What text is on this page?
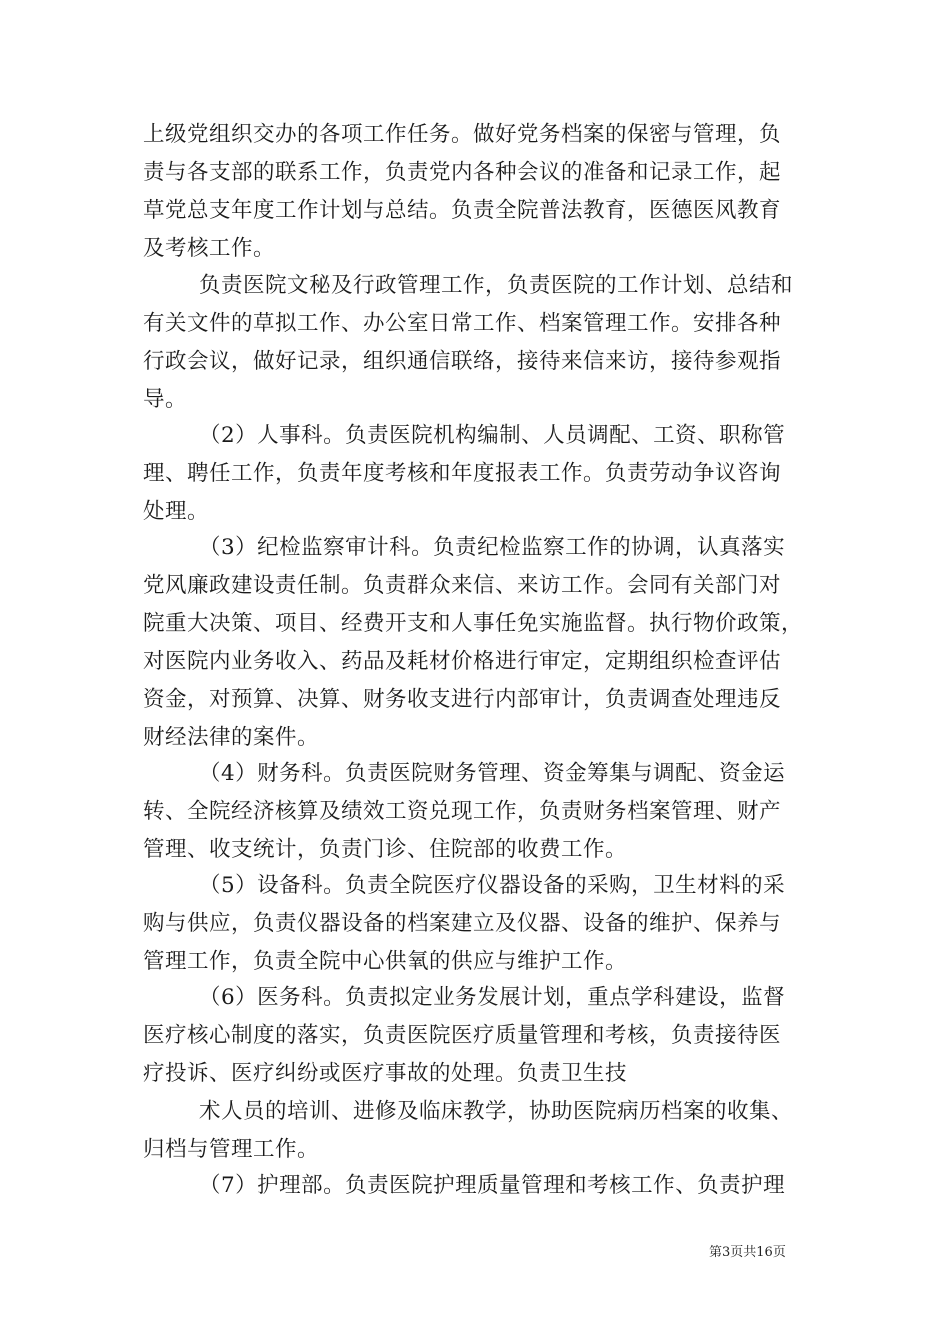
上级党组织交办的各项工作任务。做好党务档案的保密与管理，负
责与各支部的联系工作，负责党内各种会议的准备和记录工作，起
草党总支年度工作计划与总结。负责全院普法教育，医德医风教育
及考核工作。
负责医院文秘及行政管理工作，负责医院的工作计划、总结和
有关文件的草拟工作、办公室日常工作、档案管理工作。安排各种
行政会议，做好记录，组织通信联络，接待来信来访，接待参观指
导。
（2）人事科。负责医院机构编制、人员调配、工资、职称管
理、聘任工作，负责年度考核和年度报表工作。负责劳动争议咨询
处理。
（3）纪检监察审计科。负责纪检监察工作的协调，认真落实
党风廉政建设责任制。负责群众来信、来访工作。会同有关部门对
院重大决策、项目、经费开支和人事任免实施监督。执行物价政策，
对医院内业务收入、药品及耗材价格进行审定，定期组织检查评估
资金，对预算、决算、财务收支进行内部审计，负责调查处理违反
财经法律的案件。
（4）财务科。负责医院财务管理、资金筹集与调配、资金运
转、全院经济核算及绩效工资兑现工作，负责财务档案管理、财产
管理、收支统计，负责门诊、住院部的收费工作。
（5）设备科。负责全院医疗仪器设备的采购，卫生材料的采
购与供应，负责仪器设备的档案建立及仪器、设备的维护、保养与
管理工作，负责全院中心供氧的供应与维护工作。
（6）医务科。负责拟定业务发展计划，重点学科建设，监督
医疗核心制度的落实，负责医院医疗质量管理和考核，负责接待医
疗投诉、医疗纠纷或医疗事故的处理。负责卫生技
术人员的培训、进修及临床教学，协助医院病历档案的收集、
归档与管理工作。
（7）护理部。负责医院护理质量管理和考核工作、负责护理
第3页共16页
